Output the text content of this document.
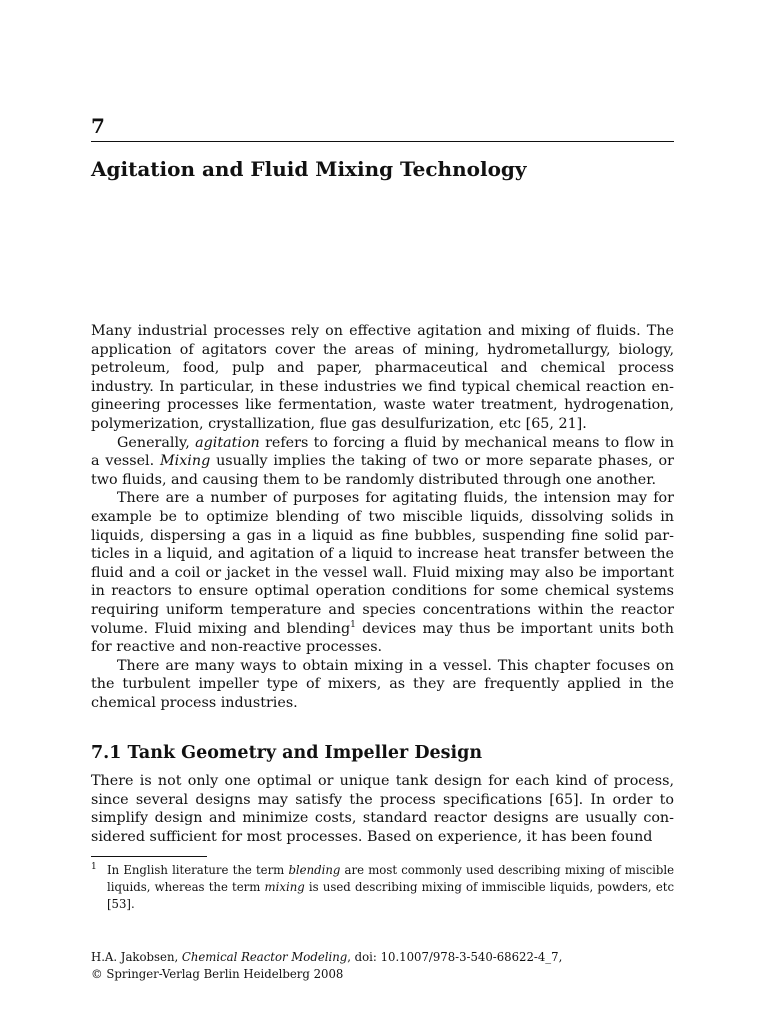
7
Agitation and Fluid Mixing Technology

Many industrial processes rely on effective agitation and mixing of fluids. The application of agitators cover the areas of mining, hydrometallurgy, biology, petroleum, food, pulp and paper, pharmaceutical and chemical process industry. In particular, in these industries we find typical chemical reaction engineering processes like fermentation, waste water treatment, hydrogenation, polymerization, crystallization, flue gas desulfurization, etc [65, 21].

Generally, agitation refers to forcing a fluid by mechanical means to flow in a vessel. Mixing usually implies the taking of two or more separate phases, or two fluids, and causing them to be randomly distributed through one another.

There are a number of purposes for agitating fluids, the intension may for example be to optimize blending of two miscible liquids, dissolving solids in liquids, dispersing a gas in a liquid as fine bubbles, suspending fine solid particles in a liquid, and agitation of a liquid to increase heat transfer between the fluid and a coil or jacket in the vessel wall. Fluid mixing may also be important in reactors to ensure optimal operation conditions for some chemical systems requiring uniform temperature and species concentrations within the reactor volume. Fluid mixing and blending$^1$ devices may thus be important units both for reactive and non-reactive processes.

There are many ways to obtain mixing in a vessel. This chapter focuses on the turbulent impeller type of mixers, as they are frequently applied in the chemical process industries.

7.1 Tank Geometry and Impeller Design

There is not only one optimal or unique tank design for each kind of process, since several designs may satisfy the process specifications [65]. In order to simplify design and minimize costs, standard reactor designs are usually considered sufficient for most processes. Based on experience, it has been found

$^1$ In English literature the term blending are most commonly used describing mixing of miscible liquids, whereas the term mixing is used describing mixing of immiscible liquids, powders, etc [53].

H.A. Jakobsen, Chemical Reactor Modeling, doi: 10.1007/978-3-540-68622-4_7,
© Springer-Verlag Berlin Heidelberg 2008
